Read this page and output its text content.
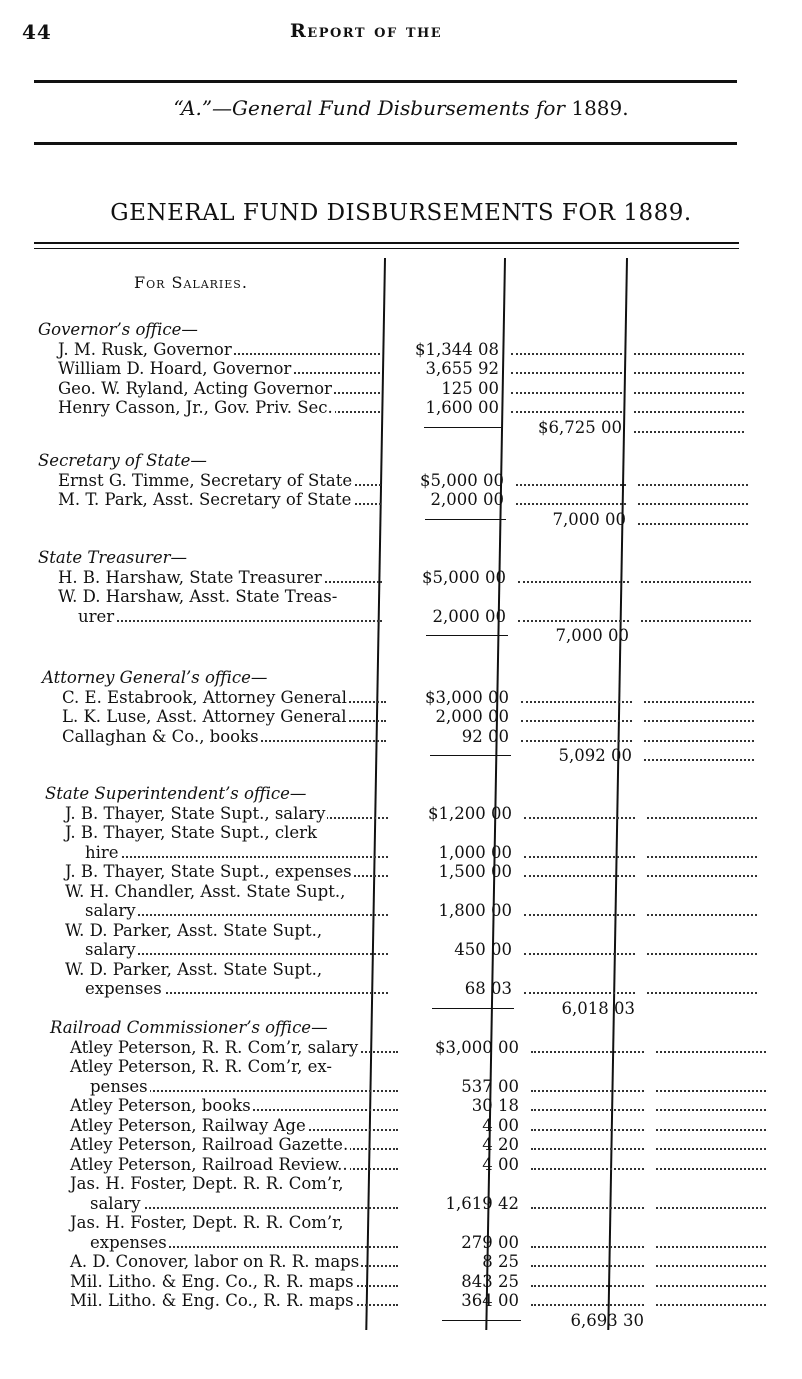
44	Report of the
“A.”—General Fund Disbursements for 1889.
GENERAL FUND DISBURSEMENTS FOR 1889.
For Salaries.
Governor’s office—
J. M. Rusk, Governor	$1,344 08
William D. Hoard, Governor	3,655 92
Geo. W. Ryland, Acting Governor	125 00
Henry Casson, Jr., Gov. Priv. Sec.	1,600 00
$6,725 00
Secretary of State—
Ernst G. Timme, Secretary of State	$5,000 00
M. T. Park, Asst. Secretary of State	2,000 00
7,000 00
State Treasurer—
H. B. Harshaw, State Treasurer	$5,000 00
W. D. Harshaw, Asst. State Treas-
urer	2,000 00
7,000 00
Attorney General’s office—
C. E. Estabrook, Attorney General	$3,000 00
L. K. Luse, Asst. Attorney General	2,000 00
Callaghan & Co., books	92 00
5,092 00
State Superintendent’s office—
J. B. Thayer, State Supt., salary	$1,200 00
J. B. Thayer, State Supt., clerk
hire	1,000 00
J. B. Thayer, State Supt., expenses	1,500 00
W. H. Chandler, Asst. State Supt.,
salary	1,800 00
W. D. Parker, Asst. State Supt.,
salary	450 00
W. D. Parker, Asst. State Supt.,
expenses	68 03
6,018 03
Railroad Commissioner’s office—
Atley Peterson, R. R. Com’r, salary	$3,000 00
Atley Peterson, R. R. Com’r, ex-
penses	537 00
Atley Peterson, books	30 18
Atley Peterson, Railway Age	4 00
Atley Peterson, Railroad Gazette.	4 20
Atley Peterson, Railroad Review..	4 00
Jas. H. Foster, Dept. R. R. Com’r,
salary	1,619 42
Jas. H. Foster, Dept. R. R. Com’r,
expenses	279 00
A. D. Conover, labor on R. R. maps	8 25
Mil. Litho. & Eng. Co., R. R. maps	843 25
Mil. Litho. & Eng. Co., R. R. maps	364 00
6,693 30
